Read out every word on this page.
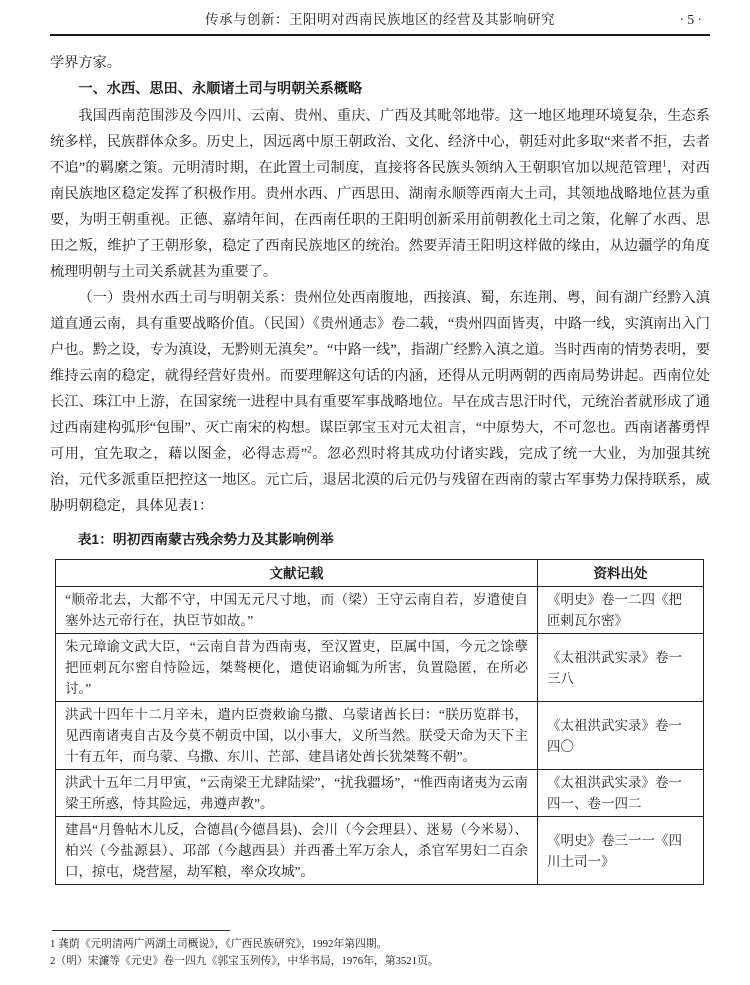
传承与创新：王阳明对西南民族地区的经营及其影响研究	· 5 ·

学界方家。

一、水西、思田、永顺诸土司与明朝关系概略

我国西南范围涉及今四川、云南、贵州、重庆、广西及其毗邻地带。这一地区地理环境复杂，生态系统多样，民族群体众多。历史上，因远离中原王朝政治、文化、经济中心，朝廷对此多取“来者不拒，去者不追”的羁縻之策。元明清时期，在此置土司制度，直接将各民族头领纳入王朝职官加以规范管理$^1$，对西南民族地区稳定发挥了积极作用。贵州水西、广西思田、湖南永顺等西南大土司，其领地战略地位甚为重要，为明王朝重视。正德、嘉靖年间，在西南任职的王阳明创新采用前朝教化土司之策，化解了水西、思田之叛，维护了王朝形象，稳定了西南民族地区的统治。然要弄清王阳明这样做的缘由，从边疆学的角度梳理明朝与土司关系就甚为重要了。

（一）贵州水西土司与明朝关系：贵州位处西南腹地，西接滇、蜀，东连荆、粤，间有湖广经黔入滇道直通云南，具有重要战略价值。（民国）《贵州通志》卷二载，“贵州四面皆夷，中路一线，实滇南出入门户也。黔之设，专为滇设，无黔则无滇矣”。“中路一线”，指湖广经黔入滇之道。当时西南的情势表明，要维持云南的稳定，就得经营好贵州。而要理解这句话的内涵，还得从元明两朝的西南局势讲起。西南位处长江、珠江中上游，在国家统一进程中具有重要军事战略地位。早在成吉思汗时代，元统治者就形成了通过西南建构弧形“包围”、灭亡南宋的构想。谋臣郭宝玉对元太祖言，“中原势大，不可忽也。西南诸蕃勇悍可用，宜先取之，藉以图金，必得志焉”$^2$。忽必烈时将其成功付诸实践，完成了统一大业，为加强其统治，元代多派重臣把控这一地区。元亡后，退居北漠的后元仍与残留在西南的蒙古军事势力保持联系，威胁明朝稳定，具体见表1：

表1：明初西南蒙古残余势力及其影响例举

文献记载	资料出处
“顺帝北去，大都不守，中国无元尺寸地，而（梁）王守云南自若，岁遣使自塞外达元帝行在，执臣节如故。”	《明史》卷一二四《把匝剌瓦尔密》
朱元璋谕文武大臣，“云南自昔为西南夷，至汉置吏，臣属中国，今元之馀孽把匝剌瓦尔密自恃险远，桀骜梗化，遣使诏谕辄为所害，负置隐匿，在所必讨。”	《太祖洪武实录》卷一三八
洪武十四年十二月辛未，遣内臣赍敕谕乌撒、乌蒙诸酋长曰：“朕历览群书，见西南诸夷自古及今莫不朝贡中国，以小事大，义所当然。朕受天命为天下主十有五年，而乌蒙、乌撒、东川、芒部、建昌诸处酋长犹桀骜不朝”。	《太祖洪武实录》卷一四〇
洪武十五年二月甲寅，“云南梁王尤肆陆梁”，“扰我疆场”，“惟西南诸夷为云南梁王所惑，恃其险远，弗遵声教”。	《太祖洪武实录》卷一四一、卷一四二
建昌“月鲁帖木儿反，合德昌(今德昌县)、会川（今会理县）、迷易（今米易）、柏兴（今盐源县）、邛部（今越西县）并西番土军万余人，杀官军男妇二百余口，掠屯，烧营屋，劫军粮，率众攻城”。	《明史》卷三一一《四川土司一》

1 龚荫《元明清两广两湖土司概说》，《广西民族研究》，1992年第四期。

2（明）宋濂等《元史》卷一四九《郭宝玉列传》，中华书局，1976年，第3521页。
